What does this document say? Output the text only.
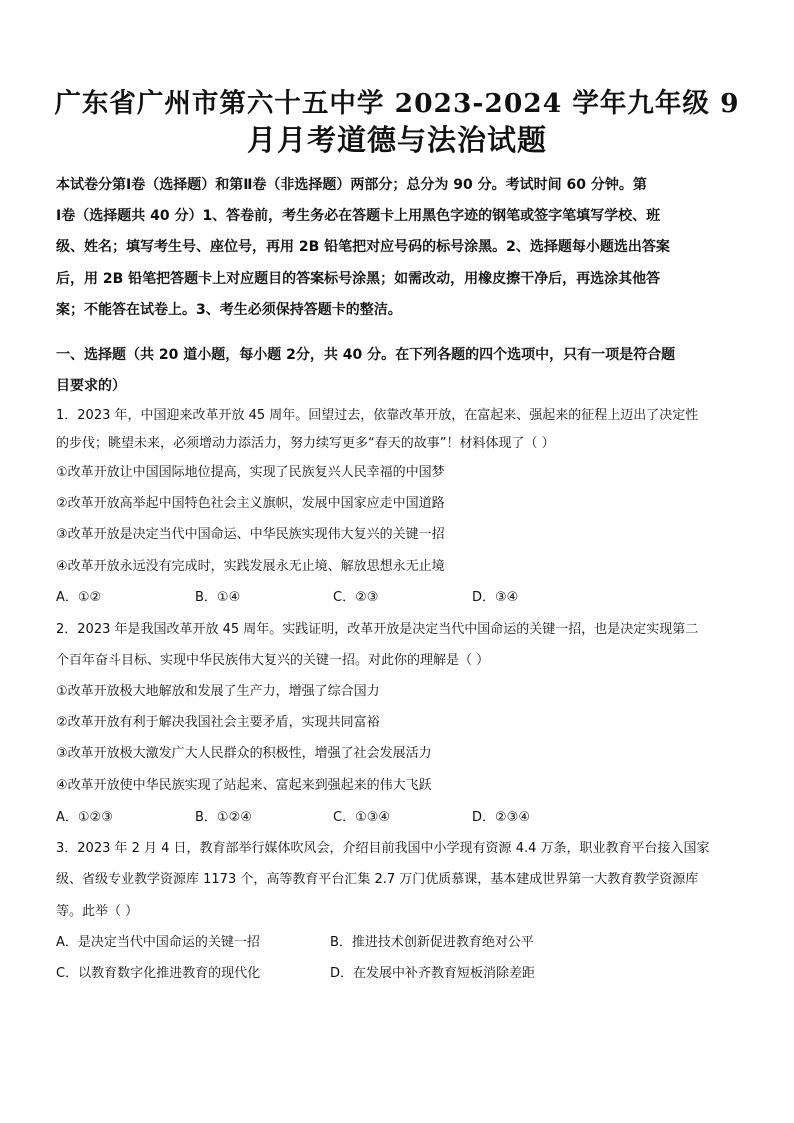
广东省广州市第六十五中学 2023-2024 学年九年级 9
月月考道德与法治试题
本试卷分第Ⅰ卷（选择题）和第Ⅱ卷（非选择题）两部分；总分为 90 分。考试时间 60 分钟。第
Ⅰ卷（选择题共 40 分）1、答卷前，考生务必在答题卡上用黑色字迹的钢笔或签字笔填写学校、班
级、姓名；填写考生号、座位号，再用 2B 铅笔把对应号码的标号涂黑。2、选择题每小题选出答案
后，用 2B 铅笔把答题卡上对应题目的答案标号涂黑；如需改动，用橡皮擦干净后，再选涂其他答
案；不能答在试卷上。3、考生必须保持答题卡的整洁。
一、选择题（共 20 道小题，每小题 2分，共 40 分。在下列各题的四个选项中，只有一项是符合题
目要求的）
1．2023 年，中国迎来改革开放 45 周年。回望过去，依靠改革开放，在富起来、强起来的征程上迈出了决定性
的步伐；眺望未来，必须增动力添活力，努力续写更多“春天的故事”！材料体现了（ ）
①改革开放让中国国际地位提高，实现了民族复兴人民幸福的中国梦
②改革开放高举起中国特色社会主义旗帜，发展中国家应走中国道路
③改革开放是决定当代中国命运、中华民族实现伟大复兴的关键一招
④改革开放永远没有完成时，实践发展永无止境、解放思想永无止境
A．①②	B．①④	C．②③	D．③④
2．2023 年是我国改革开放 45 周年。实践证明，改革开放是决定当代中国命运的关键一招，也是决定实现第二
个百年奋斗目标、实现中华民族伟大复兴的关键一招。对此你的理解是（ ）
①改革开放极大地解放和发展了生产力，增强了综合国力
②改革开放有利于解决我国社会主要矛盾，实现共同富裕
③改革开放极大激发广大人民群众的积极性，增强了社会发展活力
④改革开放使中华民族实现了站起来、富起来到强起来的伟大飞跃
A．①②③	B．①②④	C．①③④	D．②③④
3．2023 年 2 月 4 日，教育部举行媒体吹风会，介绍目前我国中小学现有资源 4.4 万条，职业教育平台接入国家
级、省级专业教学资源库 1173 个，高等教育平台汇集 2.7 万门优质慕课，基本建成世界第一大教育教学资源库
等。此举（ ）
A．是决定当代中国命运的关键一招	B．推进技术创新促进教育绝对公平
C．以教育数字化推进教育的现代化	D．在发展中补齐教育短板消除差距
